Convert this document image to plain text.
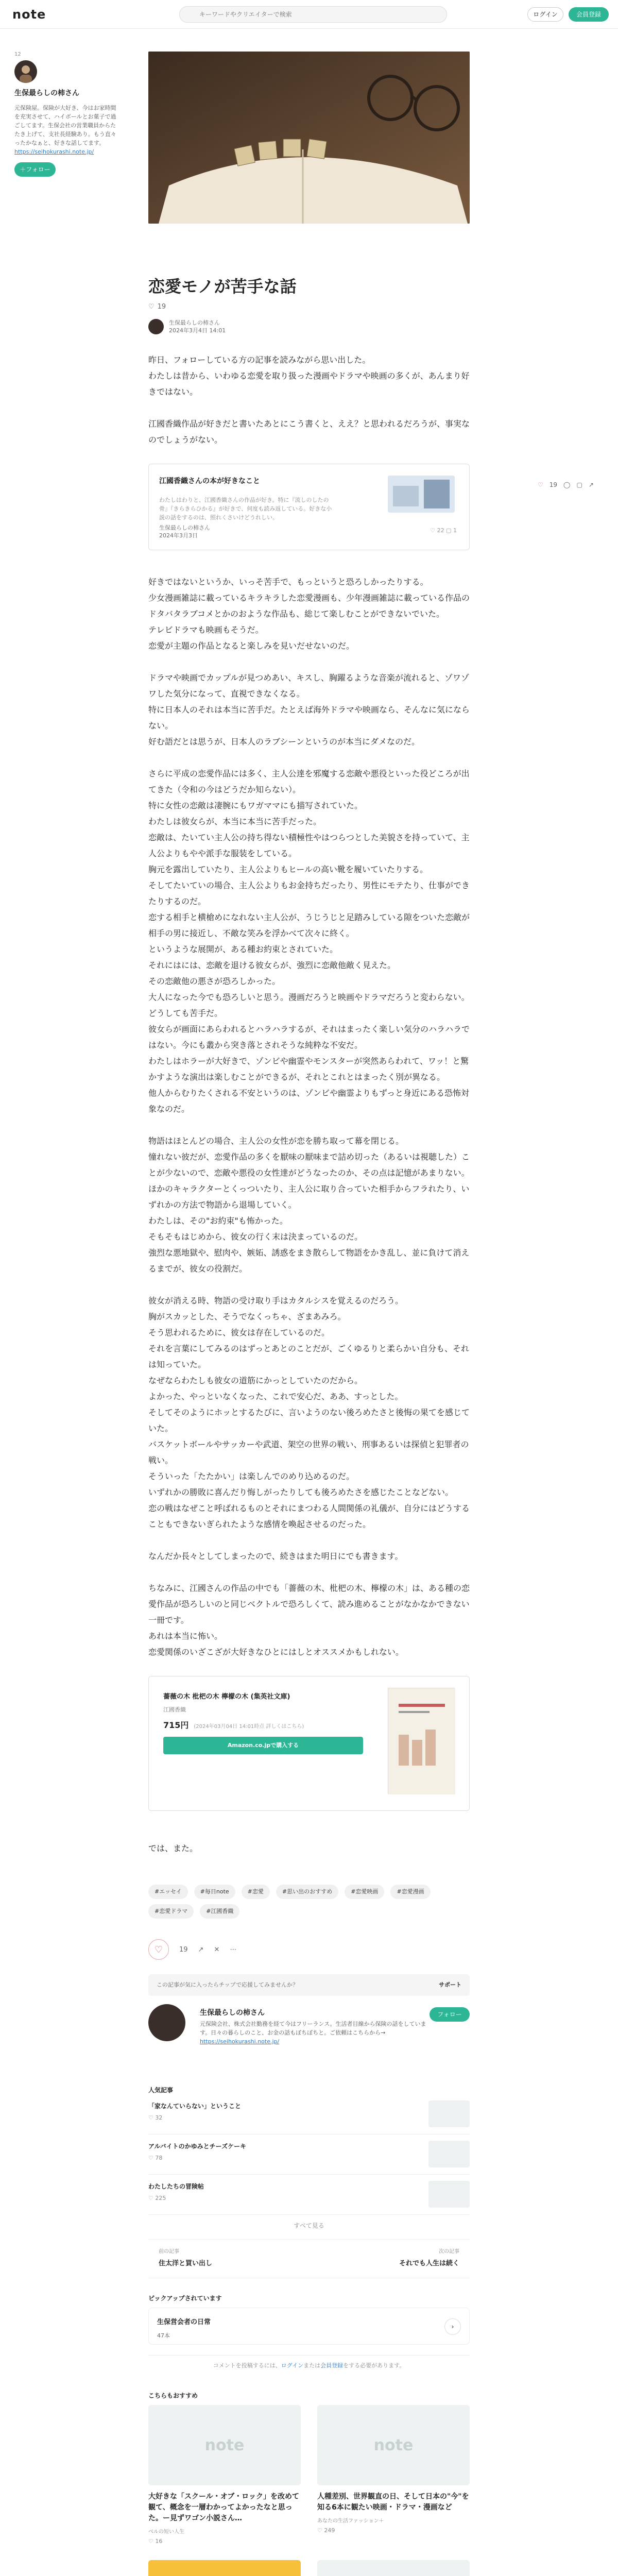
note
キーワードやクリエイターで検索	ログイン	会員登録
12
生保最らしの柿さん
元保険屋。保険が大好き、今はお家時間を充実させて、ハイボールとお菓子で過ごしてます。生保会社の営業職員からたたき上げて、支社長経験あり。もう直々ったかなぁと、好きな話してます。 https://seihokurashi.note.jp/
＋フォロー
♡ 19 ◯ ▢ ↗
恋愛モノが苦手な話
♡ 19
生保最らしの柿さん
2024年3月4日 14:01

昨日、フォローしている方の記事を読みながら思い出した。
わたしは昔から、いわゆる恋愛を取り扱った漫画やドラマや映画の多くが、あんまり好きではない。

江國香織作品が好きだと書いたあとにこう書くと、ええ？と思われるだろうが、事実なのでしょうがない。

江國香織さんの本が好きなこと
わたしはわりと、江國香織さんの作品が好き。特に『流しのしたの骨』『きらきらひかる』が好きで、何度も読み返している。好きな小説の話をするのは、照れくさいけどうれしい。
生保最らしの柿さん
2024年3月3日
♡ 22 ▢ 1

好きではないというか、いっそ苦手で、もっというと恐ろしかったりする。
少女漫画雑誌に載っているキラキラした恋愛漫画も、少年漫画雑誌に載っている作品のドタバタラブコメとかのおような作品も、総じて楽しむことができないでいた。
テレビドラマも映画もそうだ。
恋愛が主題の作品となると楽しみを見いだせないのだ。

ドラマや映画でカップルが見つめあい、キスし、胸躍るような音楽が流れると、ゾワゾワした気分になって、直視できなくなる。
特に日本人のそれは本当に苦手だ。たとえば海外ドラマや映画なら、そんなに気にならない。
好む語だとは思うが、日本人のラブシーンというのが本当にダメなのだ。

さらに平成の恋愛作品には多く、主人公達を邪魔する恋敵や悪役といった役どころが出てきた（令和の今はどうだか知らない）。
特に女性の恋敵は凄腕にもワガママにも描写されていた。
わたしは彼女らが、本当に本当に苦手だった。
恋敵は、たいてい主人公の持ち得ない積極性やはつらつとした美貌さを持っていて、主人公よりもやや派手な服装をしている。
胸元を露出していたり、主人公よりもヒールの高い靴を履いていたりする。
そしてたいていの場合、主人公よりもお金持ちだったり、男性にモテたり、仕事ができたりするのだ。
恋する相手と横槍めになれない主人公が、うじうじと足踏みしている隙をついた恋敵が相手の男に接近し、不敵な笑みを浮かべて次々に終く。
というような展開が、ある種お約束とされていた。
それにはには、恋敵を退ける彼女らが、強烈に恋敵他敵く見えた。
その恋敵他の悪さが恐ろしかった。
大人になった今でも恐ろしいと思う。漫画だろうと映画やドラマだろうと変わらない。どうしても苦手だ。
彼女らが画面にあらわれるとハラハラするが、それはまったく楽しい気分のハラハラではない。今にも叢から突き落とされそうな純粋な不安だ。
わたしはホラーが大好きで、ゾンビや幽霊やモンスターが突然あらわれて、ワッ！と驚かすような演出は楽しむことができるが、それとこれとはまったく別が異なる。
他人からむりたくされる不安というのは、ゾンビや幽霊よりもずっと身近にある恐怖対象なのだ。

物語はほとんどの場合、主人公の女性が恋を勝ち取って幕を閉じる。
憧れない彼だが、恋愛作品の多くを厭味の厭味まで詰め切った（あるいは視聴した）ことが少ないので、恋敵や悪役の女性達がどうなったのか、その点は記憶があまりない。
ほかのキャラクターとくっついたり、主人公に取り合っていた相手からフラれたり、いずれかの方法で物語から退場していく。
わたしは、その"お約束"も怖かった。
そもそもはじめから、彼女の行く末は決まっているのだ。
強烈な悪地獄や、慰肉や、嫉妬、誘惑をまき散らして物語をかき乱し、並に負けて消えるまでが、彼女の役割だ。

彼女が消える時、物語の受け取り手はカタルシスを覚えるのだろう。
胸がスカッとした、そうでなくっちゃ、ざまあみろ。
そう思われるために、彼女は存在しているのだ。
それを言葉にしてみるのはずっとあとのことだが、ごくゆるりと柔らかい自分も、それは知っていた。
なぜならわたしも彼女の道筋にかっとしていたのだから。
よかった、やっといなくなった、これで安心だ、ああ、すっとした。
そしてそのようにホッとするたびに、言いようのない後ろめたさと後悔の果てを感じていた。
バスケットボールやサッカーや武道、架空の世界の戦い、刑事あるいは探偵と犯罪者の戦い。
そういった「たたかい」は楽しんでのめり込めるのだ。
いずれかの勝敗に喜んだり悔しがったりしても後ろめたさを感じたことなどない。
恋の戦はなぜこと呼ばれるものとそれにまつわる人間関係の礼儀が、自分にはどうすることもできないぎられたような感情を喚起させるのだった。

なんだか長々としてしまったので、続きはまた明日にでも書きます。

ちなみに、江國さんの作品の中でも「薔薇の木、枇杷の木、檸檬の木」は、ある種の恋愛作品が恐ろしいのと同じベクトルで恐ろしくて、読み進めることがなかなかできない一冊です。
あれは本当に怖い。
恋愛関係のいざこざが大好きなひとにはしとオススメかもしれない。

薔薇の木 枇杷の木 檸檬の木 (集英社文庫)
江國香織
715円 (2024年03月04日 14:01時点 詳しくはこちら)
Amazon.co.jpで購入する
では、また。
#エッセイ	#毎日note	#恋愛	#思い出のおすすめ	#恋愛映画	#恋愛漫画
#恋愛ドラマ	#江國香織
♡ 19 ↗ ✕ ⋯
この記事が気に入ったらチップで応援してみませんか？	サポート
生保最らしの柿さん
元保険会社、株式会社勤務を経て今はフリーランス。生活者目線から保険の話をしています。日々の暮らしのこと、お金の話もぼちぼちと。ご依頼はこちらから→ https://seihokurashi.note.jp/
フォロー
人気記事
「家なんていらない」ということ
♡ 32
アルバイトのかゆみとチーズケーキ
♡ 78
わたしたちの冒険帖
♡ 225
すべて見る
前の記事
住太洋と買い出し
次の記事
それでも人生は続く
ピックアップされています
生保営会者の日常
47本
›
コメントを投稿するには、ログインまたは会員登録をする必要があります。
こちらもおすすめ
note
大好きな「スクール・オブ・ロック」を改めて観て、概念を一層わかってよかったなと思った。ー見ずワゴン小説さん…
ベルの短い人生
♡ 16
note
人種差別、世界観直の日、そして日本の"今"を知る6本に観たい映画・ドラマ・漫画など
あなたの生活ファッション＋
♡ 249
